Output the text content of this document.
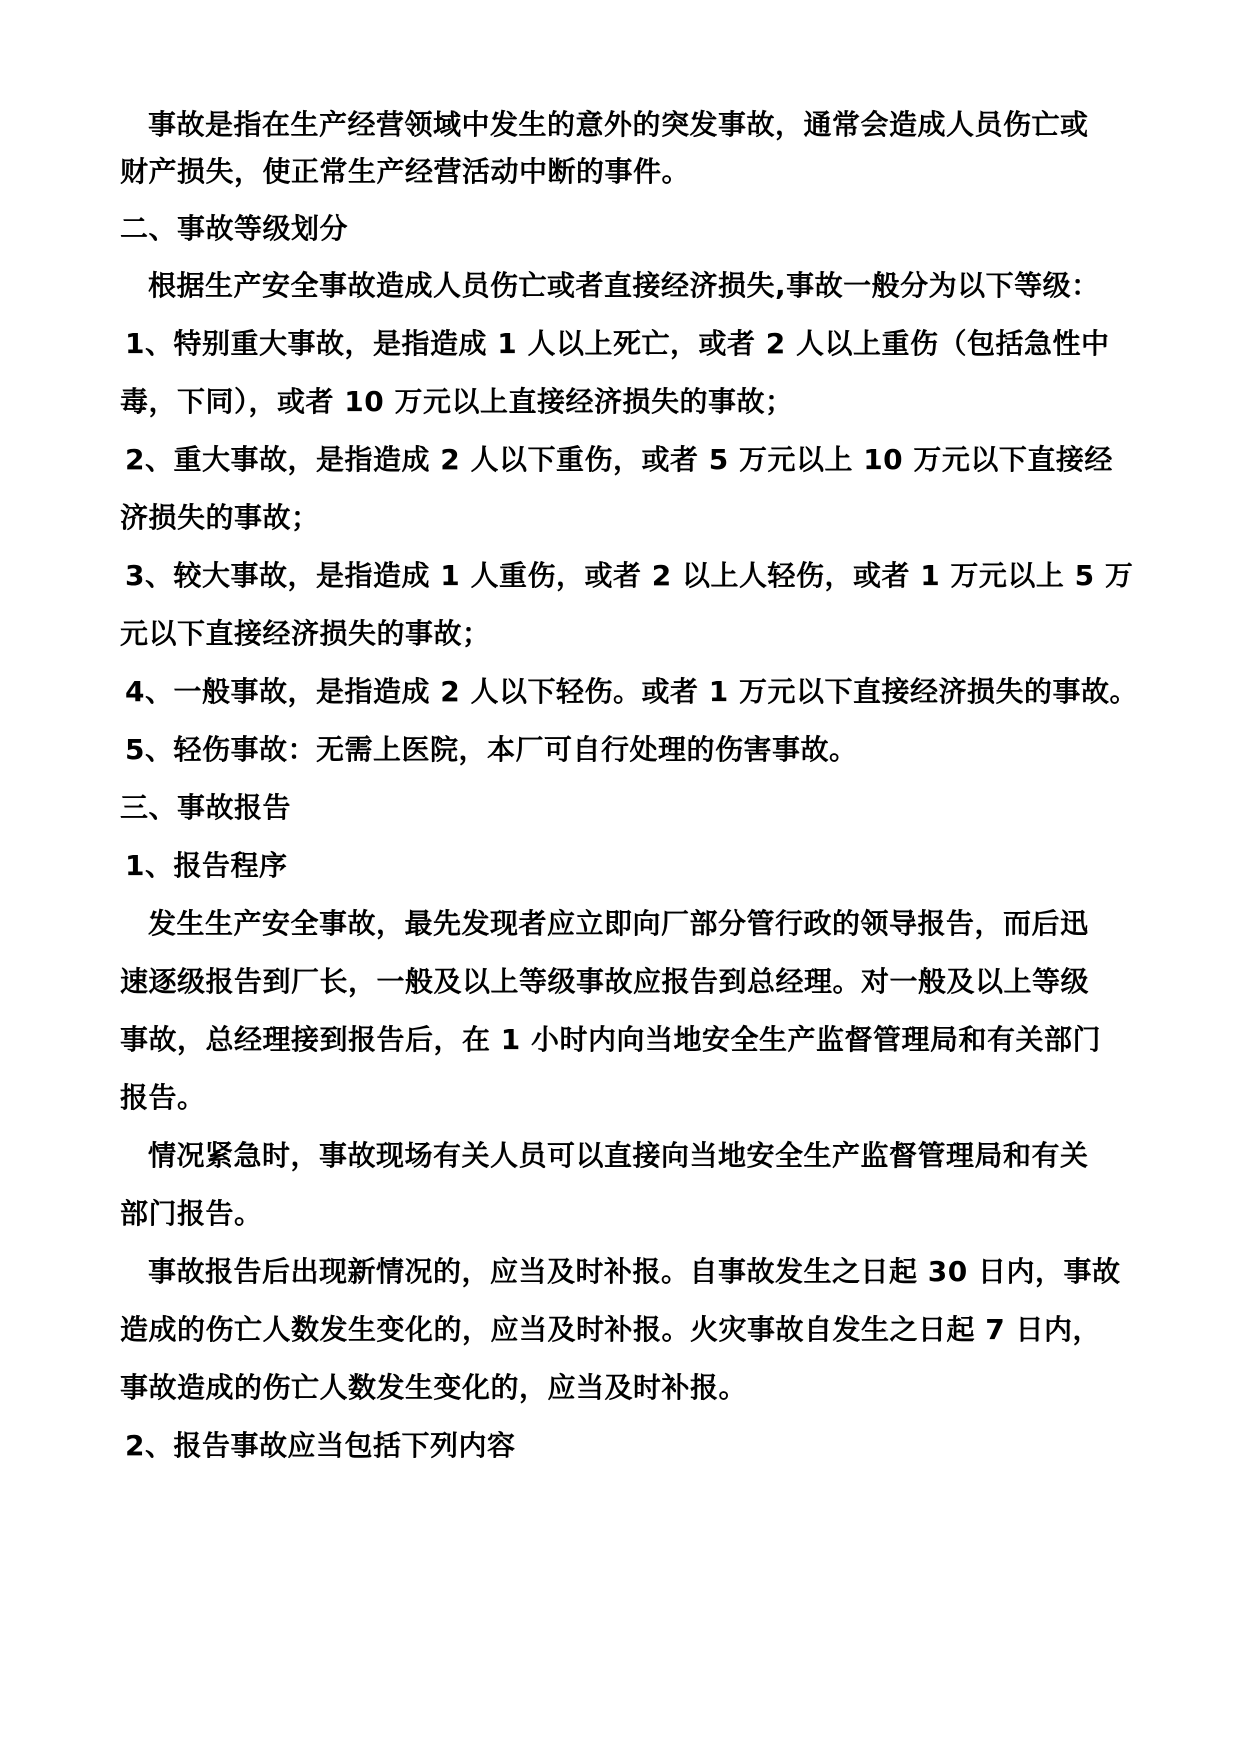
事故是指在生产经营领域中发生的意外的突发事故，通常会造成人员伤亡或
财产损失，使正常生产经营活动中断的事件。
二、事故等级划分
根据生产安全事故造成人员伤亡或者直接经济损失,事故一般分为以下等级：
1、特别重大事故，是指造成 1 人以上死亡，或者 2 人以上重伤（包括急性中
毒，下同），或者 10 万元以上直接经济损失的事故；
2、重大事故，是指造成 2 人以下重伤，或者 5 万元以上 10 万元以下直接经
济损失的事故；
3、较大事故，是指造成 1 人重伤，或者 2 以上人轻伤，或者 1 万元以上 5 万
元以下直接经济损失的事故；
4、一般事故，是指造成 2 人以下轻伤。或者 1 万元以下直接经济损失的事故。
5、轻伤事故：无需上医院，本厂可自行处理的伤害事故。
三、事故报告
1、报告程序
发生生产安全事故，最先发现者应立即向厂部分管行政的领导报告，而后迅
速逐级报告到厂长，一般及以上等级事故应报告到总经理。对一般及以上等级
事故，总经理接到报告后，在 1 小时内向当地安全生产监督管理局和有关部门
报告。
情况紧急时，事故现场有关人员可以直接向当地安全生产监督管理局和有关
部门报告。
事故报告后出现新情况的，应当及时补报。自事故发生之日起 30 日内，事故
造成的伤亡人数发生变化的，应当及时补报。火灾事故自发生之日起 7 日内，
事故造成的伤亡人数发生变化的，应当及时补报。
2、报告事故应当包括下列内容
